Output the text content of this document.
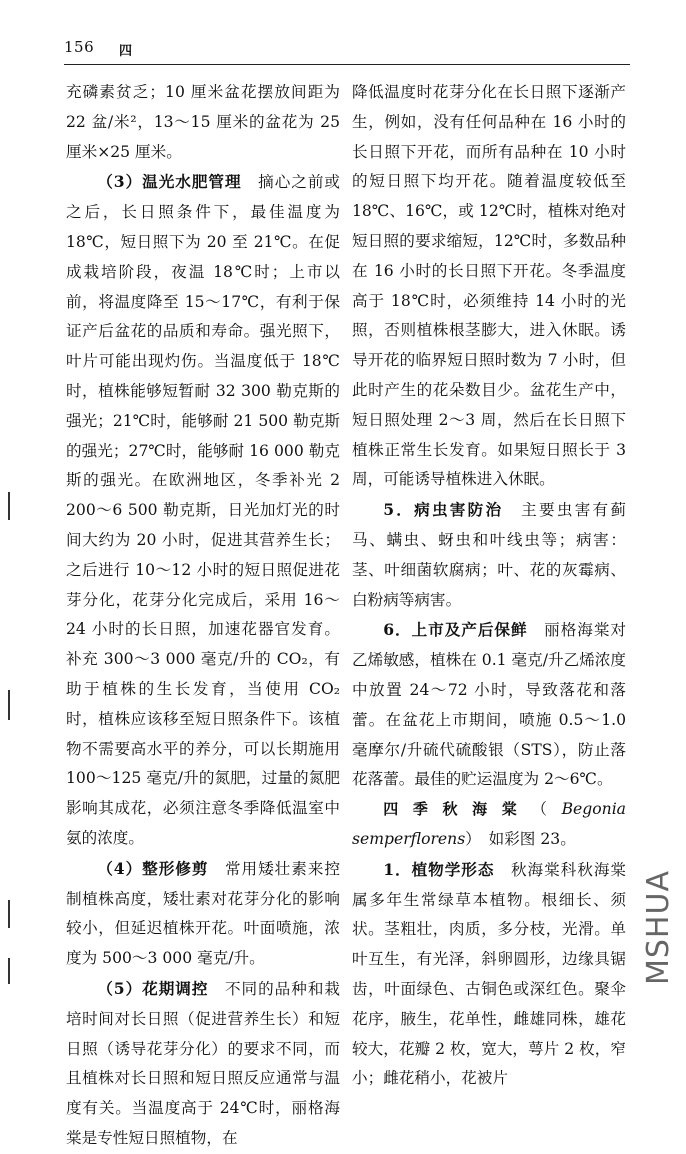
156 四

充磷素贫乏；10 厘米盆花摆放间距为 22 盆/米²，13～15 厘米的盆花为 25 厘米×25 厘米。

（3）温光水肥管理　 摘心之前或之后，长日照条件下，最佳温度为 18℃，短日照下为 20 至 21℃。在促成栽培阶段，夜温 18℃时；上市以前，将温度降至 15～17℃，有利于保证产后盆花的品质和寿命。强光照下，叶片可能出现灼伤。当温度低于 18℃时，植株能够短暂耐 32 300 勒克斯的强光；21℃时，能够耐 21 500 勒克斯的强光；27℃时，能够耐 16 000 勒克斯的强光。在欧洲地区，冬季补光 2 200～6 500 勒克斯，日光加灯光的时间大约为 20 小时，促进其营养生长；之后进行 10～12 小时的短日照促进花芽分化，花芽分化完成后，采用 16～24 小时的长日照，加速花器官发育。补充 300～3 000 毫克/升的 CO₂，有助于植株的生长发育，当使用 CO₂ 时，植株应该移至短日照条件下。该植物不需要高水平的养分，可以长期施用 100～125 毫克/升的氮肥，过量的氮肥影响其成花，必须注意冬季降低温室中氨的浓度。

（4）整形修剪　 常用矮壮素来控制植株高度，矮壮素对花芽分化的影响较小，但延迟植株开花。叶面喷施，浓度为 500～3 000 毫克/升。

（5）花期调控　 不同的品种和栽培时间对长日照（促进营养生长）和短日照（诱导花芽分化）的要求不同，而且植株对长日照和短日照反应通常与温度有关。当温度高于 24℃时，丽格海棠是专性短日照植物，在

降低温度时花芽分化在长日照下逐渐产生，例如，没有任何品种在 16 小时的长日照下开花，而所有品种在 10 小时的短日照下均开花。随着温度较低至 18℃、16℃，或 12℃时，植株对绝对短日照的要求缩短，12℃时，多数品种在 16 小时的长日照下开花。冬季温度高于 18℃时，必须维持 14 小时的光照，否则植株根茎膨大，进入休眠。诱导开花的临界短日照时数为 7 小时，但此时产生的花朵数目少。盆花生产中，短日照处理 2～3 周，然后在长日照下植株正常生长发育。如果短日照长于 3 周，可能诱导植株进入休眠。

5．病虫害防治　 主要虫害有蓟马、螨虫、蚜虫和叶线虫等；病害：茎、叶细菌软腐病；叶、花的灰霉病、白粉病等病害。

6．上市及产后保鲜　 丽格海棠对乙烯敏感，植株在 0.1 毫克/升乙烯浓度中放置 24～72 小时，导致落花和落蕾。在盆花上市期间，喷施 0.5～1.0 毫摩尔/升硫代硫酸银（STS），防止落花落蕾。最佳的贮运温度为 2～6℃。

四季秋海棠（Begonia semperflorens）　 如彩图 23。

1．植物学形态　 秋海棠科秋海棠属多年生常绿草本植物。根细长、须状。茎粗壮，肉质，多分枝，光滑。单叶互生，有光泽，斜卵圆形，边缘具锯齿，叶面绿色、古铜色或深红色。聚伞花序，腋生，花单性，雌雄同株，雄花较大，花瓣 2 枚，宽大，萼片 2 枚，窄小；雌花稍小，花被片

MSHUA
